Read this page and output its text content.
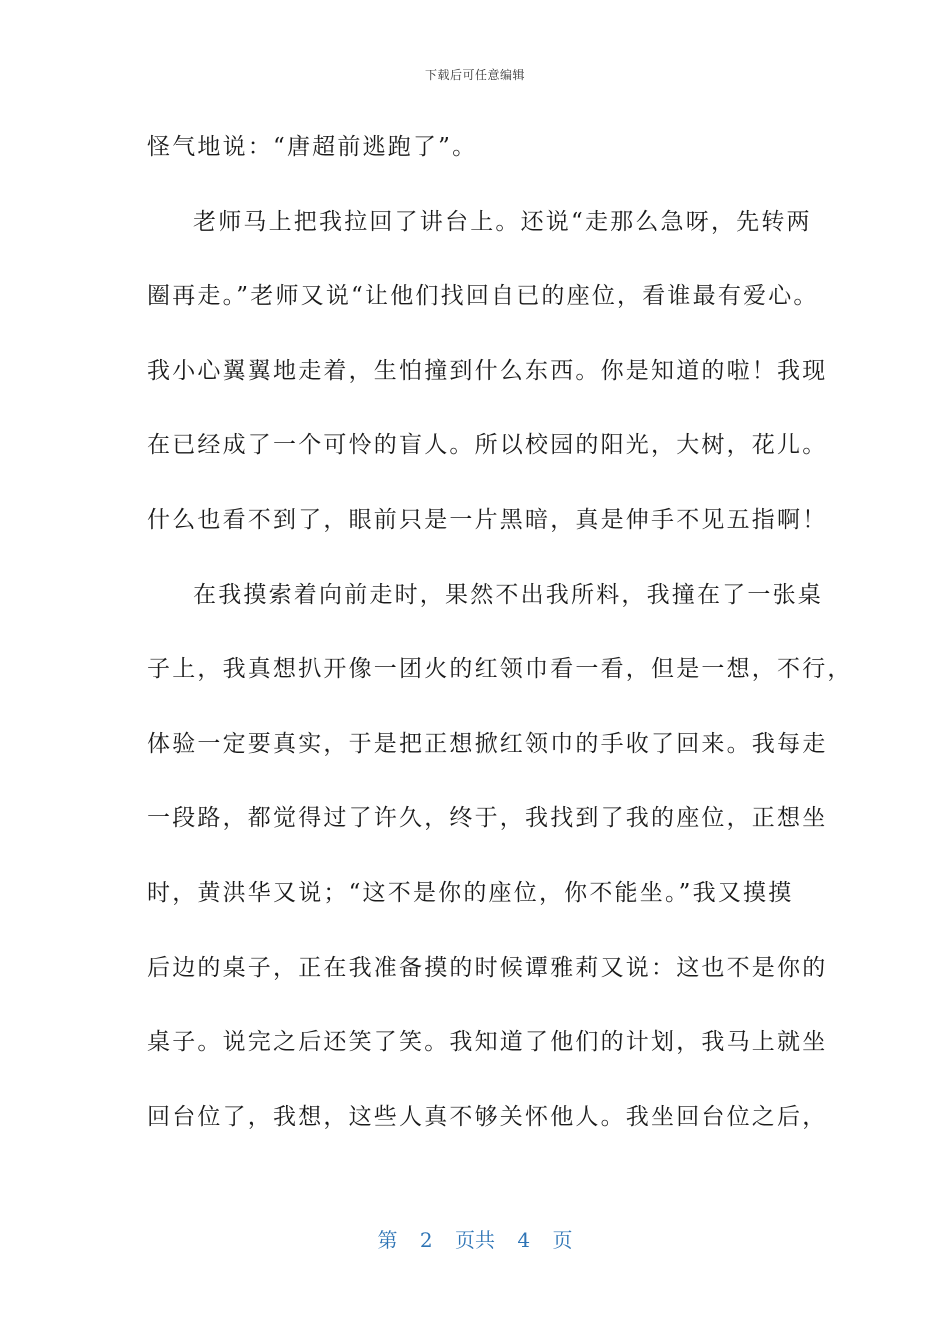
下载后可任意编辑
怪气地说：“唐超前逃跑了”。
老师马上把我拉回了讲台上。还说“走那么急呀，先转两
圈再走。”老师又说“让他们找回自已的座位，看谁最有爱心。
我小心翼翼地走着，生怕撞到什么东西。你是知道的啦！我现
在已经成了一个可怜的盲人。所以校园的阳光，大树，花儿。
什么也看不到了，眼前只是一片黑暗，真是伸手不见五指啊！
在我摸索着向前走时，果然不出我所料，我撞在了一张桌
子上，我真想扒开像一团火的红领巾看一看，但是一想，不行，
体验一定要真实，于是把正想掀红领巾的手收了回来。我每走
一段路，都觉得过了许久，终于，我找到了我的座位，正想坐
时，黄洪华又说；“这不是你的座位，你不能坐。”我又摸摸
后边的桌子，正在我准备摸的时候谭雅莉又说：这也不是你的
桌子。说完之后还笑了笑。我知道了他们的计划，我马上就坐
回台位了，我想，这些人真不够关怀他人。我坐回台位之后，
第 2 页共 4 页
